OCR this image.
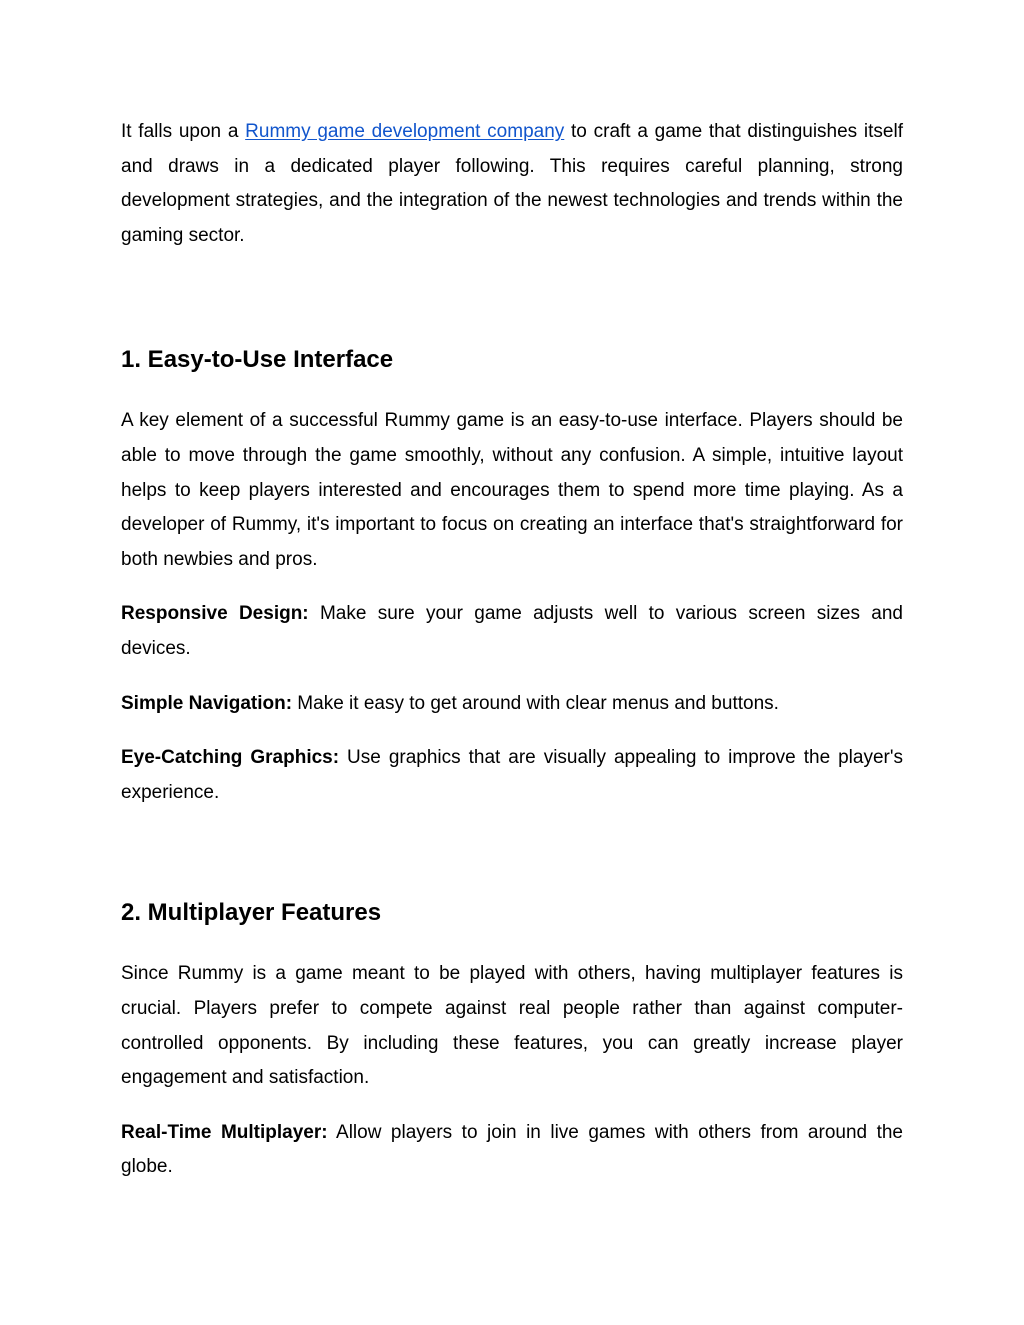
It falls upon a Rummy game development company to craft a game that distinguishes itself and draws in a dedicated player following. This requires careful planning, strong development strategies, and the integration of the newest technologies and trends within the gaming sector.

1. Easy-to-Use Interface

A key element of a successful Rummy game is an easy-to-use interface. Players should be able to move through the game smoothly, without any confusion. A simple, intuitive layout helps to keep players interested and encourages them to spend more time playing. As a developer of Rummy, it's important to focus on creating an interface that's straightforward for both newbies and pros.

Responsive Design: Make sure your game adjusts well to various screen sizes and devices.

Simple Navigation: Make it easy to get around with clear menus and buttons.

Eye-Catching Graphics: Use graphics that are visually appealing to improve the player's experience.

2. Multiplayer Features

Since Rummy is a game meant to be played with others, having multiplayer features is crucial. Players prefer to compete against real people rather than against computer-controlled opponents. By including these features, you can greatly increase player engagement and satisfaction.

Real-Time Multiplayer: Allow players to join in live games with others from around the globe.
